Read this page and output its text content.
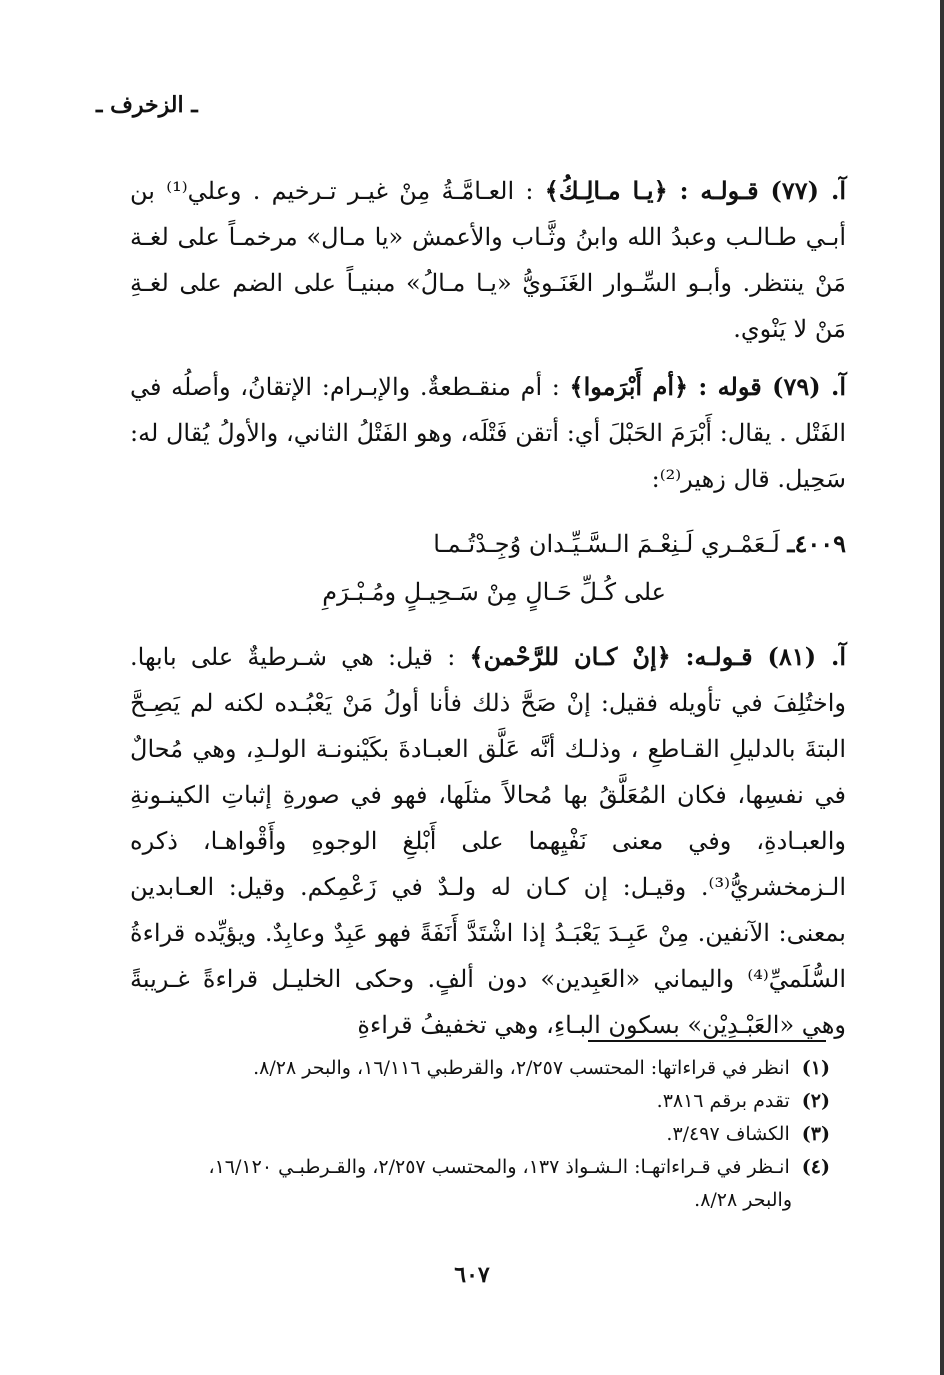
ـ الزخرف ـ

آ. (٧٧) قـولـه : ﴿يـا مـالِـكُ﴾ : العـامَّـةُ مِنْ غيـر تـرخيم . وعلي⁽¹⁾ بن أبـي طـالـب وعبدُ الله وابنُ وثَّـاب والأعمش «يا مـال» مرخمـاً على لغـة مَنْ ينتظر. وأبـو السِّـوار الغَنَـويُّ «يـا مـالُ» مبنيـاً على الضم على لغـةِ مَنْ لا يَنْوي.

آ. (٧٩) قوله : ﴿أم أَبْرَموا﴾ : أم منقـطعةٌ. والإبـرام: الإتقانُ، وأصلُه في الفَتْل . يقال: أَبْرَمَ الحَبْلَ أي: أتقن فَتْلَه، وهو الفَتْلُ الثاني، والأولُ يُقال له: سَحِيل. قال زهير⁽²⁾:

٤٠٠٩ـ لَـعَمْـري لَـنِعْـمَ الـسَّـيِّـدان وُجِـدْتُـمـا
على كُـلِّ حَـالٍ مِنْ سَـحِيـلٍ ومُـبْـرَمِ

آ. (٨١) قـولـه: ﴿إنْ كـان للرَّحْمن﴾ : قيل: هي شـرطيةٌ على بابها. واختُلِفَ في تأويله فقيل: إنْ صَحَّ ذلك فأنا أولُ مَنْ يَعْبُـده لكنه لم يَصِـحَّ البتةَ بالدليلِ القـاطعِ ، وذلـك أنَّه عَلَّق العبـادةَ بكَيْنونـة الولـدِ، وهي مُحالٌ في نفسِها، فكان المُعَلَّقُ بها مُحالاً مثلَها، فهو في صورةِ إثباتِ الكينـونةِ والعبـادةِ، وفي معنى نَفْيِهما على أَبْلغِ الوجوهِ وأَقْواهـا، ذكره الـزمخشريُّ⁽³⁾. وقيـل: إن كـان له ولـدٌ في زَعْمِكم. وقيل: العـابدين بمعنى: الآنفين. مِنْ عَبِـدَ يَعْبَـدُ إذا اشْتَدَّ أَنَفَةً فهو عَبِدٌ وعابِدٌ. ويؤيِّده قراءةُ السُّلَميِّ⁽⁴⁾ واليماني «العَبِدين» دون ألفٍ. وحكى الخليـل قراءةً غـريبةً وهي «العَبْـدِيْن» بسكون البـاءِ، وهي تخفيفُ قراءةِ

(١) انظر في قراءاتها: المحتسب ٢/٢٥٧، والقرطبي ١٦/١١٦، والبحر ٨/٢٨.
(٢) تقدم برقم ٣٨١٦.
(٣) الكشاف ٣/٤٩٧.
(٤) انـظر في قـراءاتهـا: الـشـواذ ١٣٧، والمحتسب ٢/٢٥٧، والقـرطبـي ١٦/١٢٠،
والبحر ٨/٢٨.
٦٠٧
